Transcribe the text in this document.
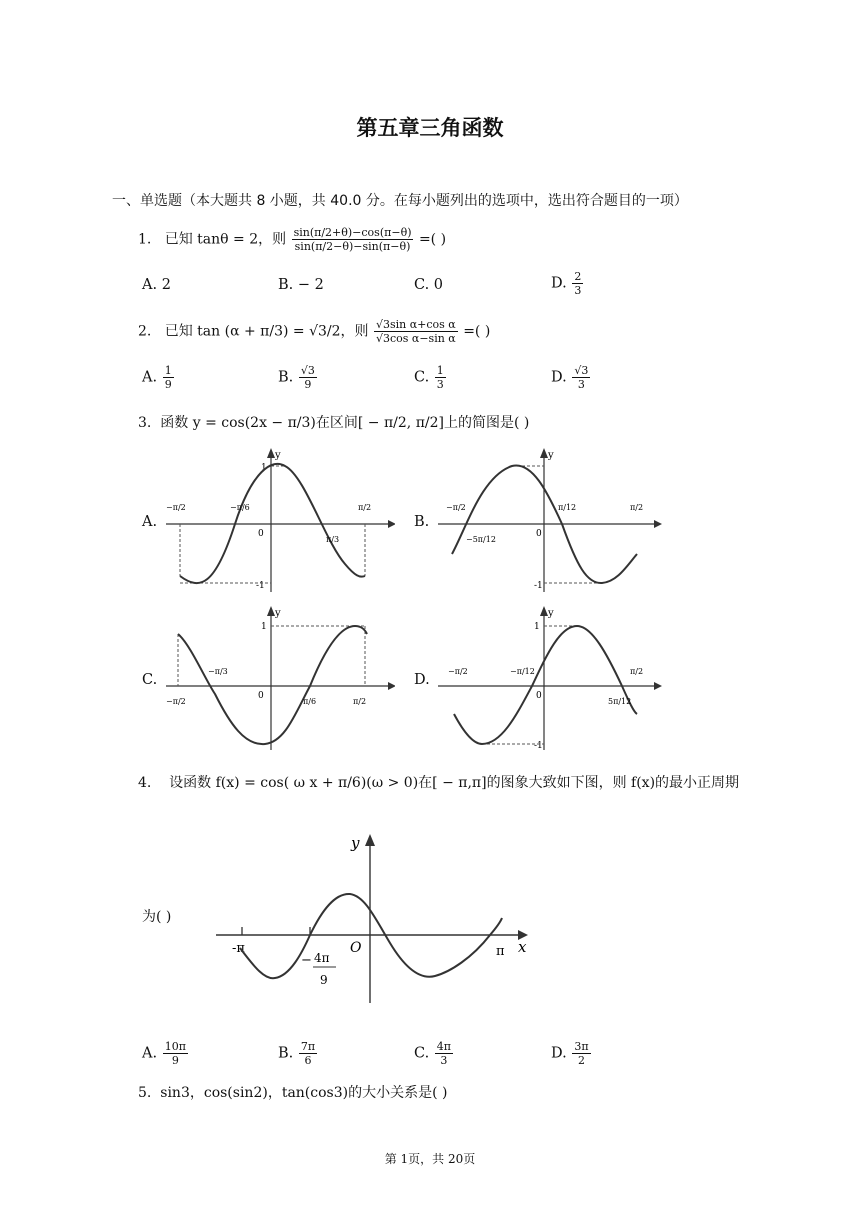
第五章三角函数
一、单选题（本大题共 8 小题，共 40.0 分。在每小题列出的选项中，选出符合题目的一项）
1. 已知 tanθ = 2，则 $\frac{\sin(\pi/2+\theta)-\cos(\pi-\theta)}{\sin(\pi/2-\theta)-\sin(\pi-\theta)}$ =( )
A. 2	B. − 2	C. 0	D. $\frac{2}{3}$
2. 已知 tan (α + π/3) = √3/2，则 $\frac{\text{√3sin α+cos α}}{\text{√3cos α−sin α}}$ =( )
A. $\frac{1}{9}$	B. $\frac{√3}{9}$	C. $\frac{1}{3}$	D. $\frac{√3}{3}$
3. 函数 y = cos(2x − π/3)在区间[ − π/2, π/2]上的简图是( )
A.	B.
C.	D.
y
0
1
-1
−π/2	−π/6
π/3
π/2
y
0
-1
−π/2
−5π/12
π/12	π/2
y
0
1
−π/2
−π/3
π/6	π/2
y
0
1
-1
−π/2	−π/12
5π/12
π/2
4. 设函数 f(x) = cos( ω x + π/6)(ω > 0)在[ − π,π]的图象大致如下图，则 f(x)的最小正周期
为( )
y
x
O
-π	π
− 4π
9
A. $\frac{10\pi}{9}$	B. $\frac{7\pi}{6}$	C. $\frac{4\pi}{3}$	D. $\frac{3\pi}{2}$
5. sin3，cos(sin2)，tan(cos3)的大小关系是( )
第 1页，共 20页
